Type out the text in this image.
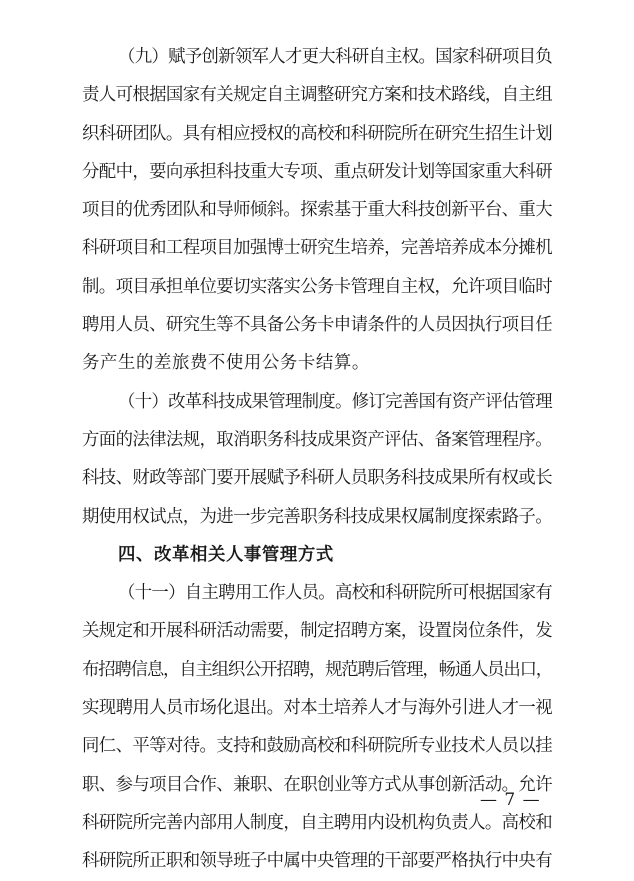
（九）赋予创新领军人才更大科研自主权。国家科研项目负
责人可根据国家有关规定自主调整研究方案和技术路线，自主组
织科研团队。具有相应授权的高校和科研院所在研究生招生计划
分配中，要向承担科技重大专项、重点研发计划等国家重大科研
项目的优秀团队和导师倾斜。探索基于重大科技创新平台、重大
科研项目和工程项目加强博士研究生培养，完善培养成本分摊机
制。项目承担单位要切实落实公务卡管理自主权，允许项目临时
聘用人员、研究生等不具备公务卡申请条件的人员因执行项目任
务产生的差旅费不使用公务卡结算。
（十）改革科技成果管理制度。修订完善国有资产评估管理
方面的法律法规，取消职务科技成果资产评估、备案管理程序。
科技、财政等部门要开展赋予科研人员职务科技成果所有权或长
期使用权试点，为进一步完善职务科技成果权属制度探索路子。
四、改革相关人事管理方式
（十一）自主聘用工作人员。高校和科研院所可根据国家有
关规定和开展科研活动需要，制定招聘方案，设置岗位条件，发
布招聘信息，自主组织公开招聘，规范聘后管理，畅通人员出口，
实现聘用人员市场化退出。对本土培养人才与海外引进人才一视
同仁、平等对待。支持和鼓励高校和科研院所专业技术人员以挂
职、参与项目合作、兼职、在职创业等方式从事创新活动。允许
科研院所完善内部用人制度，自主聘用内设机构负责人。高校和
科研院所正职和领导班子中属中央管理的干部要严格执行中央有
— 7 —
